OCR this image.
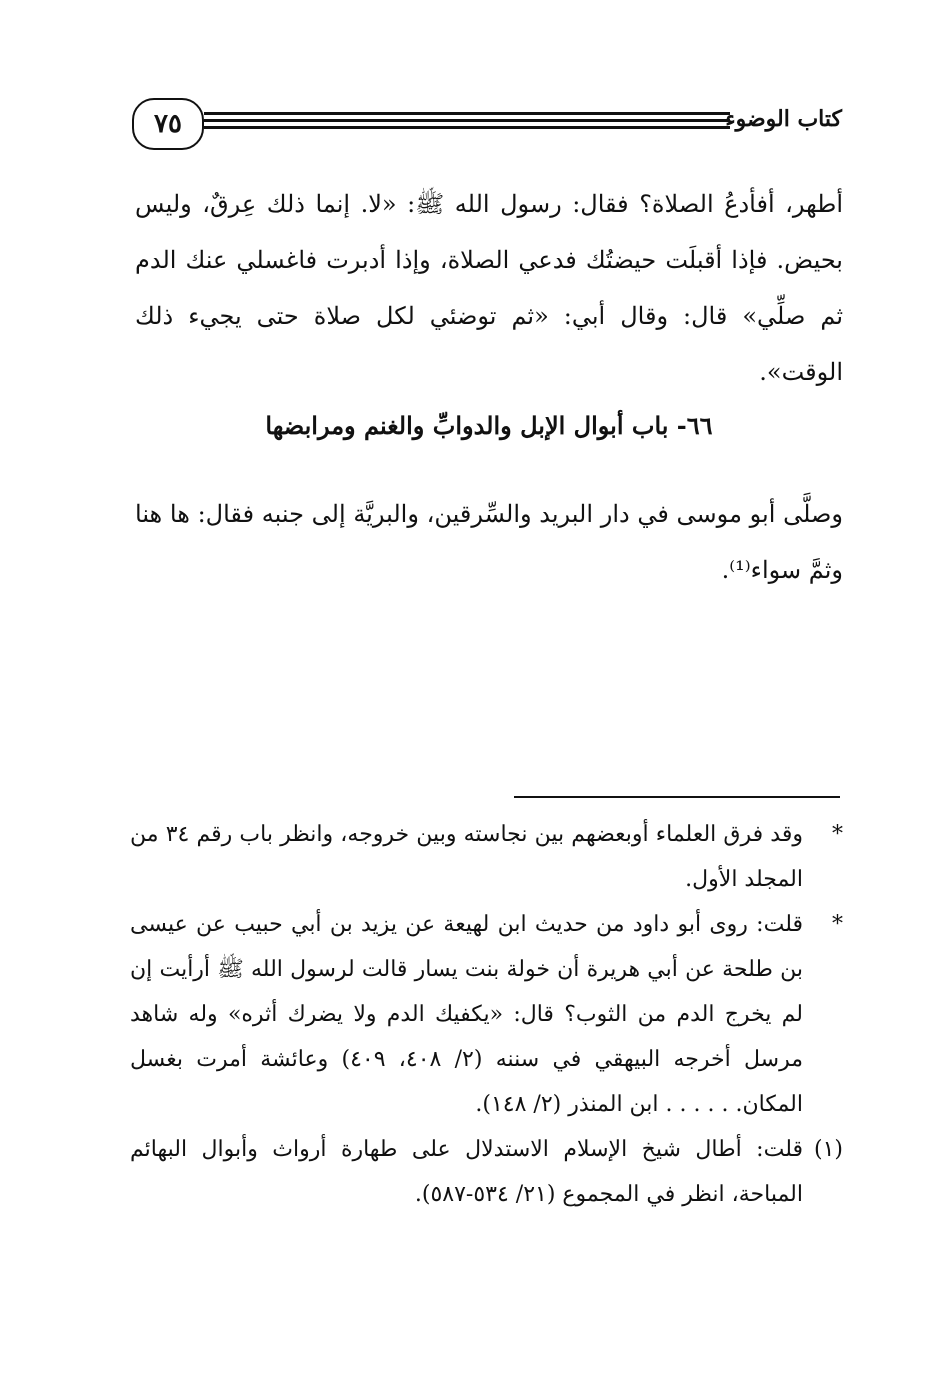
٧٥	كتاب الوضوء

أطهر، أفأدعُ الصلاة؟ فقال: رسول الله ﷺ: «لا. إنما ذلك عِرقٌ، وليس بحيض. فإذا أقبلَت حيضتُك فدعي الصلاة، وإذا أدبرت فاغسلي عنك الدم ثم صلِّي» قال: وقال أبي: «ثم توضئي لكل صلاة حتى يجيء ذلك الوقت».

٦٦- باب أبوال الإبل والدوابِّ والغنم ومرابضها

وصلَّى أبو موسى في دار البريد والسِّرقين، والبريَّة إلى جنبه فقال: ها هنا وثمَّ سواء⁽¹⁾.

*
وقد فرق العلماء أوبعضهم بين نجاسته وبين خروجه، وانظر باب رقم ٣٤ من المجلد الأول.

*
قلت: روى أبو داود من حديث ابن لهيعة عن يزيد بن أبي حبيب عن عيسى بن طلحة عن أبي هريرة أن خولة بنت يسار قالت لرسول الله ﷺ أرأيت إن لم يخرج الدم من الثوب؟ قال: «يكفيك الدم ولا يضرك أثره» وله شاهد مرسل أخرجه البيهقي في سننه (٢/ ٤٠٨، ٤٠٩) وعائشة أمرت بغسل المكان. . . . . . ابن المنذر (٢/ ١٤٨).

(١)
قلت: أطال شيخ الإسلام الاستدلال على طهارة أرواث وأبوال البهائم المباحة، انظر في المجموع (٢١/ ٥٣٤-٥٨٧).
